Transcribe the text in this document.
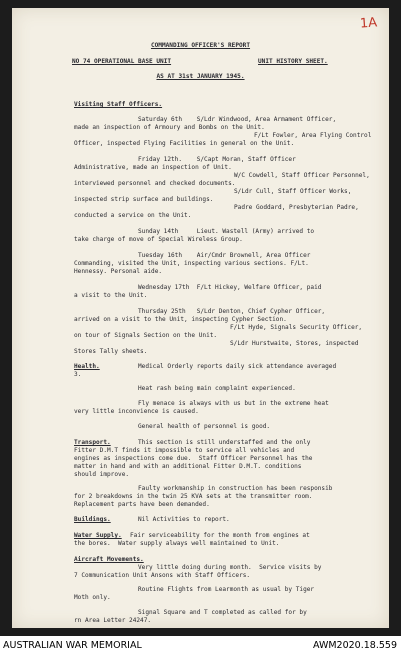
1A
COMMANDING OFFICER'S REPORT
NO 74 OPERATIONAL BASE UNIT	UNIT HISTORY SHEET.
AS AT 31st JANUARY 1945.
Visiting Staff Officers.
Saturday 6th    S/Ldr Windwood, Area Armament Officer,
made an inspection of Armoury and Bombs on the Unit.
F/Lt Fowler, Area Flying Control
Officer, inspected Flying Facilities in general on the Unit.
Friday 12th.    S/Capt Moran, Staff Officer
Administrative, made an inspection of Unit.
W/C Cowdell, Staff Officer Personnel,
interviewed personnel and checked documents.
S/Ldr Cull, Staff Officer Works,
inspected strip surface and buildings.
Padre Goddard, Presbyterian Padre,
conducted a service on the Unit.
Sunday 14th     Lieut. Wastell (Army) arrived to
take charge of move of Special Wireless Group.
Tuesday 16th    Air/Cmdr Brownell, Area Officer
Commanding, visited the Unit, inspecting various sections. F/Lt.
Hennessy. Personal aide.
Wednesday 17th  F/Lt Hickey, Welfare Officer, paid
a visit to the Unit.
Thursday 25th   S/Ldr Denton, Chief Cypher Officer,
arrived on a visit to the Unit, inspecting Cypher Section.
F/Lt Hyde, Signals Security Officer,
on tour of Signals Section on the Unit.
S/Ldr Hurstwaite, Stores, inspected
Stores Tally sheets.
Health.	Medical Orderly reports daily sick attendance averaged
3.
Heat rash being main complaint experienced.
Fly menace is always with us but in the extreme heat
very little inconvience is caused.
General health of personnel is good.
Transport.	This section is still understaffed and the only
Fitter D.M.T finds it impossible to service all vehicles and
engines as inspections come due.  Staff Officer Personnel has the
matter in hand and with an additional Fitter D.M.T. conditions
should improve.
Faulty workmanship in construction has been responsib
for 2 breakdowns in the twin 25 KVA sets at the transmitter room.
Replacement parts have been demanded.
Buildings.	Nil Activities to report.
Water Supply. Fair serviceability for the month from engines at
the bores.  Water supply always well maintained to Unit.
Aircraft Movements.
Very little doing during month.  Service visits by
7 Communication Unit Ansons with Staff Officers.
Routine Flights from Learmonth as usual by Tiger
Moth only.
Signal Square and T completed as called for by
rn Area Letter 24247.
AUSTRALIAN WAR MEMORIAL	AWM2020.18.559
